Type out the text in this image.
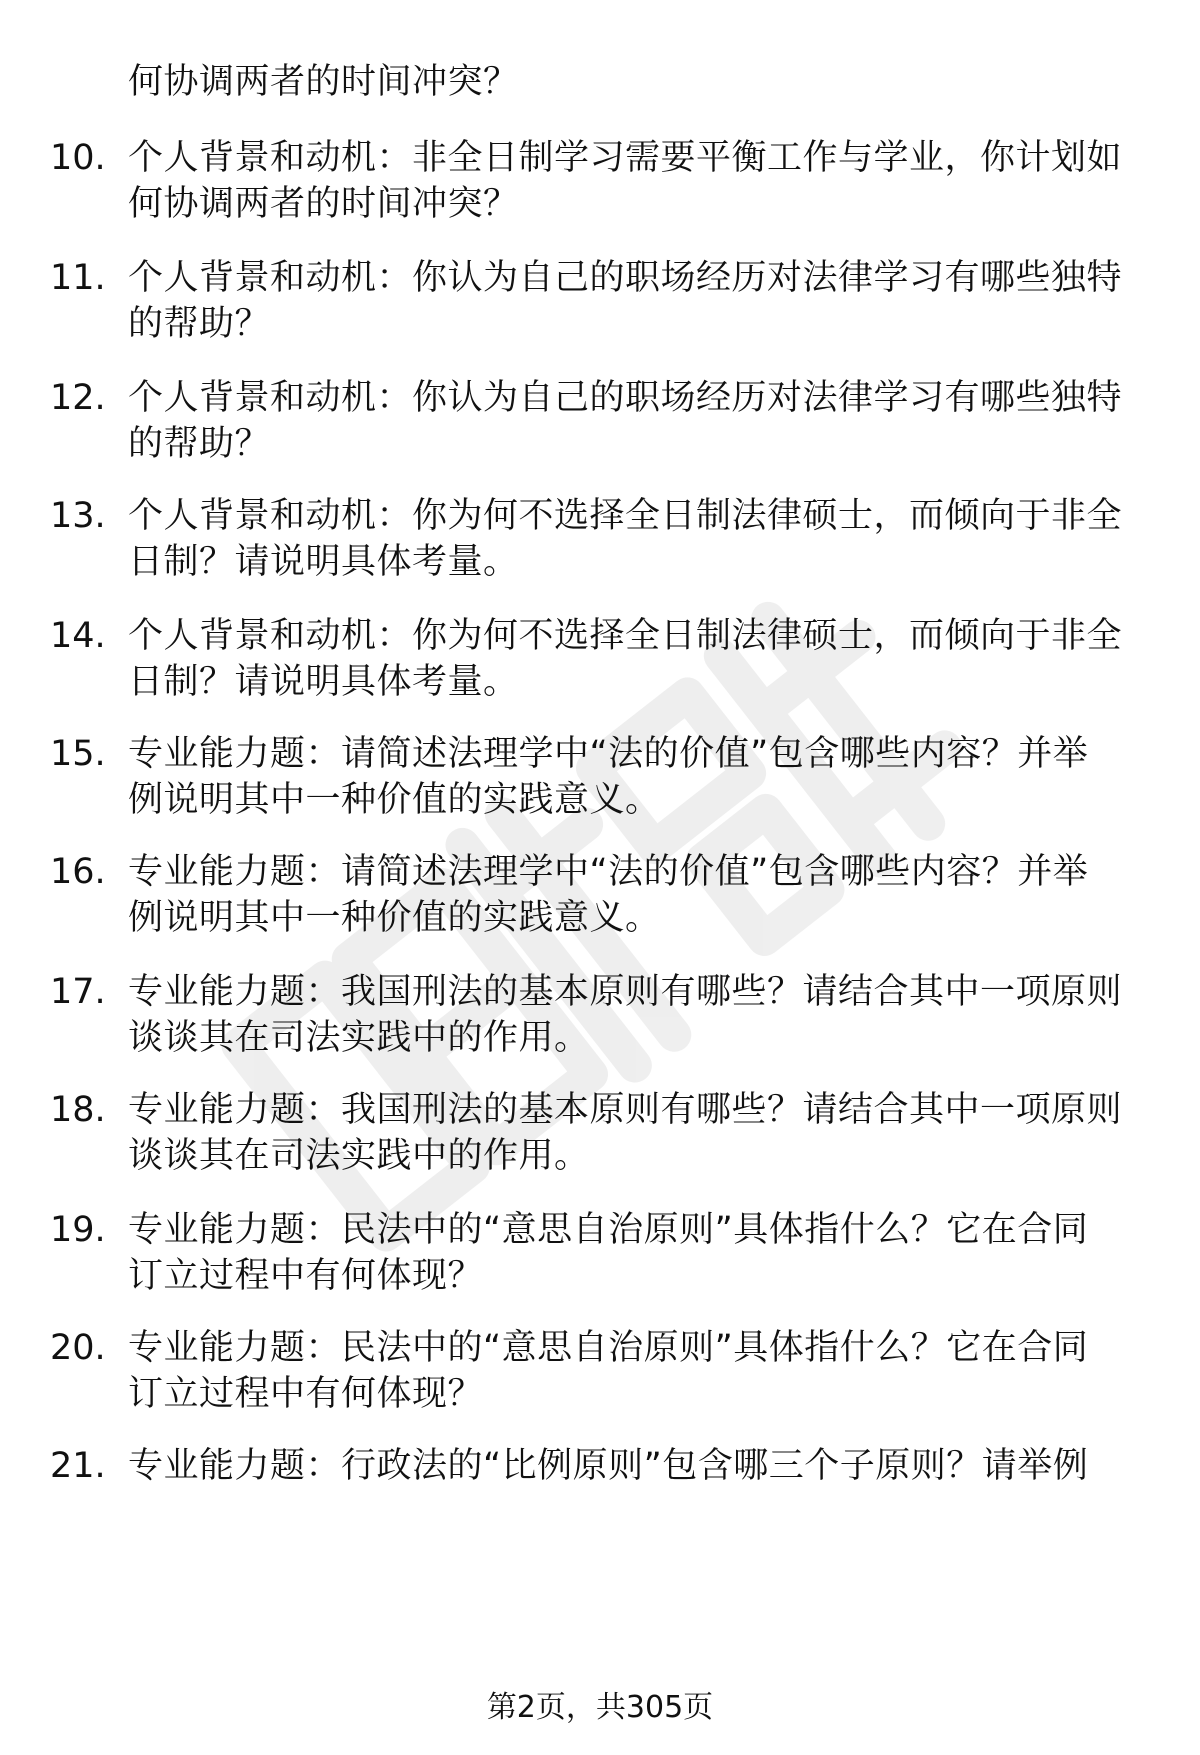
何协调两者的时间冲突？
10. 个人背景和动机：非全日制学习需要平衡工作与学业，你计划如
何协调两者的时间冲突？
11. 个人背景和动机：你认为自己的职场经历对法律学习有哪些独特
的帮助？
12. 个人背景和动机：你认为自己的职场经历对法律学习有哪些独特
的帮助？
13. 个人背景和动机：你为何不选择全日制法律硕士，而倾向于非全
日制？请说明具体考量。
14. 个人背景和动机：你为何不选择全日制法律硕士，而倾向于非全
日制？请说明具体考量。
15. 专业能力题：请简述法理学中“法的价值”包含哪些内容？并举
例说明其中一种价值的实践意义。
16. 专业能力题：请简述法理学中“法的价值”包含哪些内容？并举
例说明其中一种价值的实践意义。
17. 专业能力题：我国刑法的基本原则有哪些？请结合其中一项原则
谈谈其在司法实践中的作用。
18. 专业能力题：我国刑法的基本原则有哪些？请结合其中一项原则
谈谈其在司法实践中的作用。
19. 专业能力题：民法中的“意思自治原则”具体指什么？它在合同
订立过程中有何体现？
20. 专业能力题：民法中的“意思自治原则”具体指什么？它在合同
订立过程中有何体现？
21. 专业能力题：行政法的“比例原则”包含哪三个子原则？请举例
第2页，共305页
